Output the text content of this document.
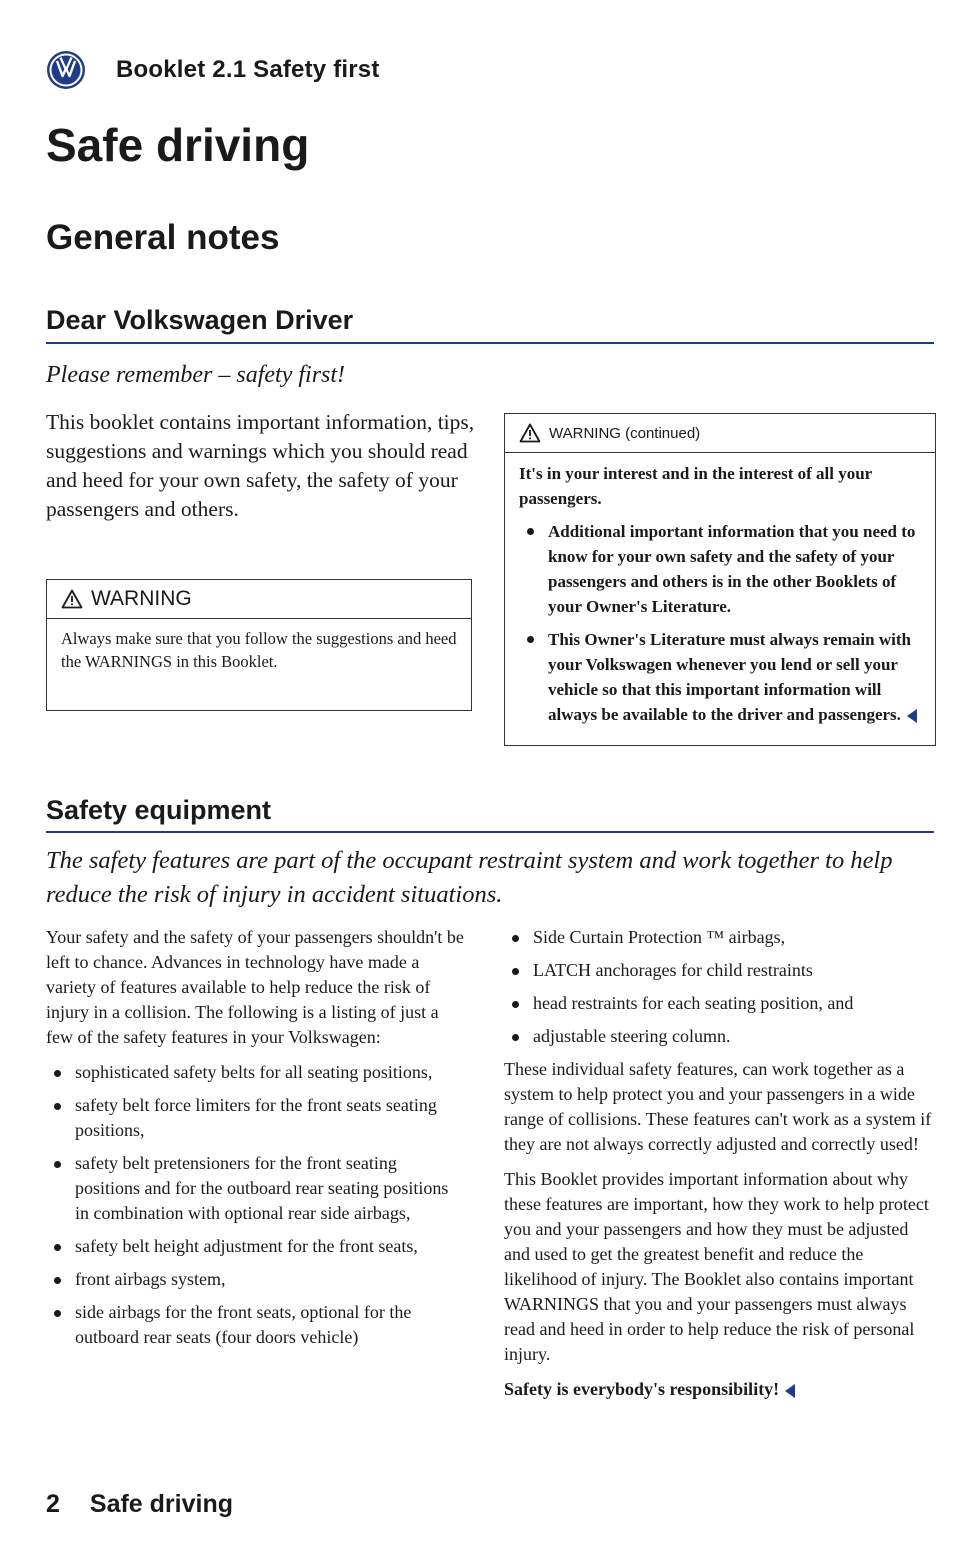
Booklet 2.1 Safety first
Safe driving
General notes
Dear Volkswagen Driver

Please remember – safety first!

This booklet contains important information, tips, suggestions and warnings which you should read and heed for your own safety, the safety of your passengers and others.

WARNING
Always make sure that you follow the suggestions and heed the WARNINGS in this Booklet.
WARNING (continued)

It's in your interest and in the interest of all your passengers.

Additional important information that you need to know for your own safety and the safety of your passengers and others is in the other Booklets of your Owner's Literature.
This Owner's Literature must always remain with your Volkswagen whenever you lend or sell your vehicle so that this important information will always be available to the driver and passengers.
Safety equipment

The safety features are part of the occupant restraint system and work together to help reduce the risk of injury in accident situations.

Your safety and the safety of your passengers shouldn't be left to chance. Advances in technology have made a variety of features available to help reduce the risk of injury in a collision. The following is a listing of just a few of the safety features in your Volkswagen:

sophisticated safety belts for all seating positions,
safety belt force limiters for the front seats seating positions,
safety belt pretensioners for the front seating positions and for the outboard rear seating positions in combination with optional rear side airbags,
safety belt height adjustment for the front seats,
front airbags system,
side airbags for the front seats, optional for the outboard rear seats (four doors vehicle)
Side Curtain Protection ™ airbags,
LATCH anchorages for child restraints
head restraints for each seating position, and
adjustable steering column.

These individual safety features, can work together as a system to help protect you and your passengers in a wide range of collisions. These features can't work as a system if they are not always correctly adjusted and correctly used!

This Booklet provides important information about why these features are important, how they work to help protect you and your passengers and how they must be adjusted and used to get the greatest benefit and reduce the likelihood of injury. The Booklet also contains important WARNINGS that you and your passengers must always read and heed in order to help reduce the risk of personal injury.

Safety is everybody's responsibility!

2 Safe driving
